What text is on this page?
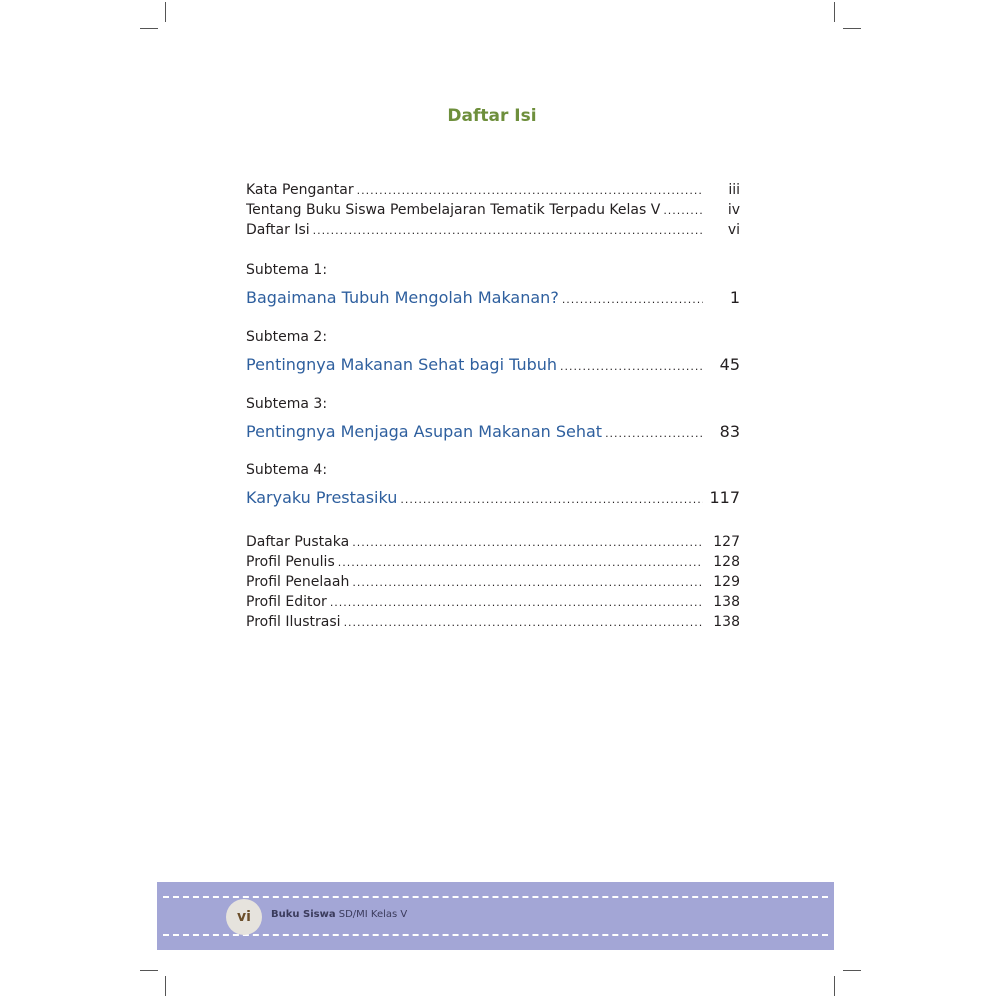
Daftar Isi
Kata Pengantar .....	iii
Tentang Buku Siswa Pembelajaran Tematik Terpadu Kelas V .....	iv
Daftar Isi .....	vi
Subtema 1:
Bagaimana Tubuh Mengolah Makanan? .....	1
Subtema 2:
Pentingnya Makanan Sehat bagi Tubuh .....	45
Subtema 3:
Pentingnya Menjaga Asupan Makanan Sehat .....	83
Subtema 4:
Karyaku Prestasiku .....	117
Daftar Pustaka .....	127
Profil Penulis .....	128
Profil Penelaah .....	129
Profil Editor .....	138
Profil Ilustrasi .....	138
vi Buku Siswa SD/MI Kelas V
